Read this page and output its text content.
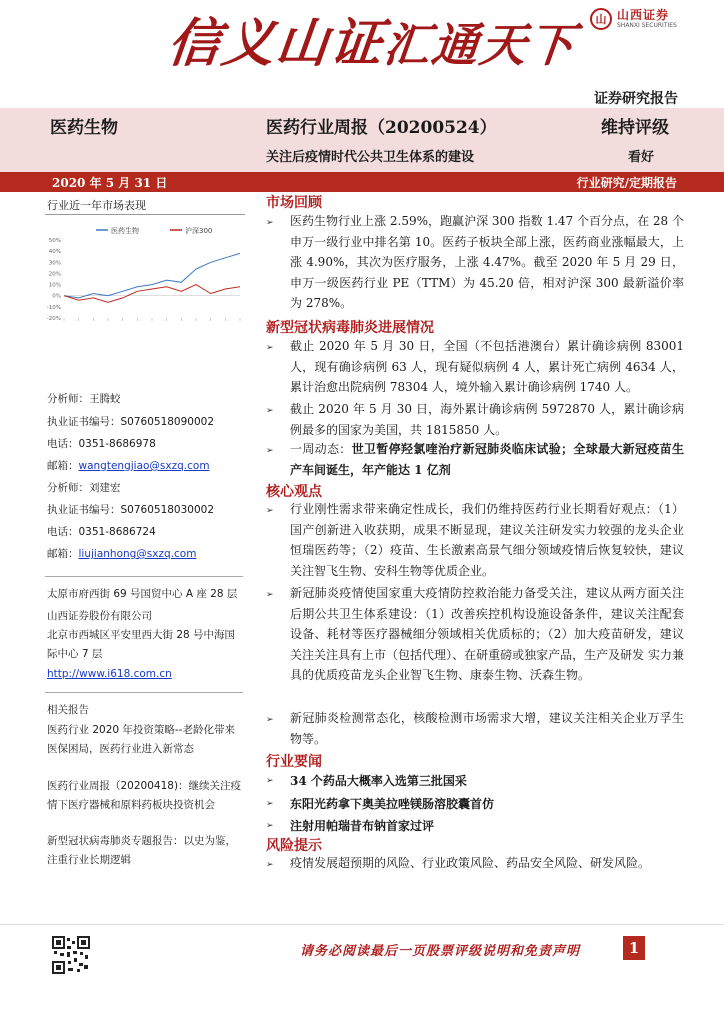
山 山西证券
SHANXI SECURITIES
信义山证汇通天下
证券研究报告
医药生物	医药行业周报（20200524）	维持评级
关注后疫情时代公共卫生体系的建设	看好
2020 年 5 月 31 日	行业研究/定期报告
行业近一年市场表现
医药生物	沪深300
50%
40%
30%
20%
10%
0%
-10%
-20%
分析师：王腾蛟
执业证书编号：S0760518090002
电话：0351-8686978
邮箱：wangtengjiao@sxzq.com
分析师：刘建宏
执业证书编号：S0760518030002
电话：0351-8686724
邮箱：liujianhong@sxzq.com
太原市府西街 69 号国贸中心 A 座 28 层
山西证券股份有限公司
北京市西城区平安里西大街 28 号中海国
际中心 7 层
http://www.i618.com.cn
相关报告
医药行业 2020 年投资策略--老龄化带来
医保困局，医药行业进入新常态
医药行业周报（20200418)：继续关注疫
情下医疗器械和原料药板块投资机会
新型冠状病毒肺炎专题报告：以史为鉴，
注重行业长期逻辑
市场回顾
➢ 医药生物行业上涨 2.59%，跑赢沪深 300 指数 1.47 个百分点，在 28 个申万一级行业中排名第 10。医药子板块全部上涨，医药商业涨幅最大，上涨 4.90%，其次为医疗服务，上涨 4.47%。截至 2020 年 5 月 29 日，申万一级医药行业 PE（TTM）为 45.20 倍，相对沪深 300 最新溢价率为 278%。
新型冠状病毒肺炎进展情况
➢ 截止 2020 年 5 月 30 日，全国（不包括港澳台）累计确诊病例 83001 人，现有确诊病例 63 人，现有疑似病例 4 人，累计死亡病例 4634 人，累计治愈出院病例 78304 人，境外输入累计确诊病例 1740 人。
➢ 截止 2020 年 5 月 30 日，海外累计确诊病例 5972870 人，累计确诊病例最多的国家为美国，共 1815850 人。
➢ 一周动态：世卫暂停羟氯喹治疗新冠肺炎临床试验；全球最大新冠疫苗生产车间诞生，年产能达 1 亿剂
核心观点
➢ 行业刚性需求带来确定性成长，我们仍维持医药行业长期看好观点：（1）国产创新进入收获期，成果不断显现，建议关注研发实力较强的龙头企业恒瑞医药等；（2）疫苗、生长激素高景气细分领域疫情后恢复较快，建议关注智飞生物、安科生物等优质企业。
➢ 新冠肺炎疫情使国家重大疫情防控救治能力备受关注，建议从两方面关注后期公共卫生体系建设：（1）改善疾控机构设施设备条件，建议关注配套设备、耗材等医疗器械细分领域相关优质标的；（2）加大疫苗研发，建议关注关注具有上市（包括代理）、在研重磅或独家产品，生产及研发 实力兼具的优质疫苗龙头企业智飞生物、康泰生物、沃森生物。
➢ 新冠肺炎检测常态化，核酸检测市场需求大增，建议关注相关企业万孚生物等。
行业要闻
➢ 34 个药品大概率入选第三批国采
➢ 东阳光药拿下奥美拉唑镁肠溶胶囊首仿
➢ 注射用帕瑞昔布钠首家过评
风险提示
➢ 疫情发展超预期的风险、行业政策风险、药品安全风险、研发风险。
请务必阅读最后一页股票评级说明和免责声明	1
